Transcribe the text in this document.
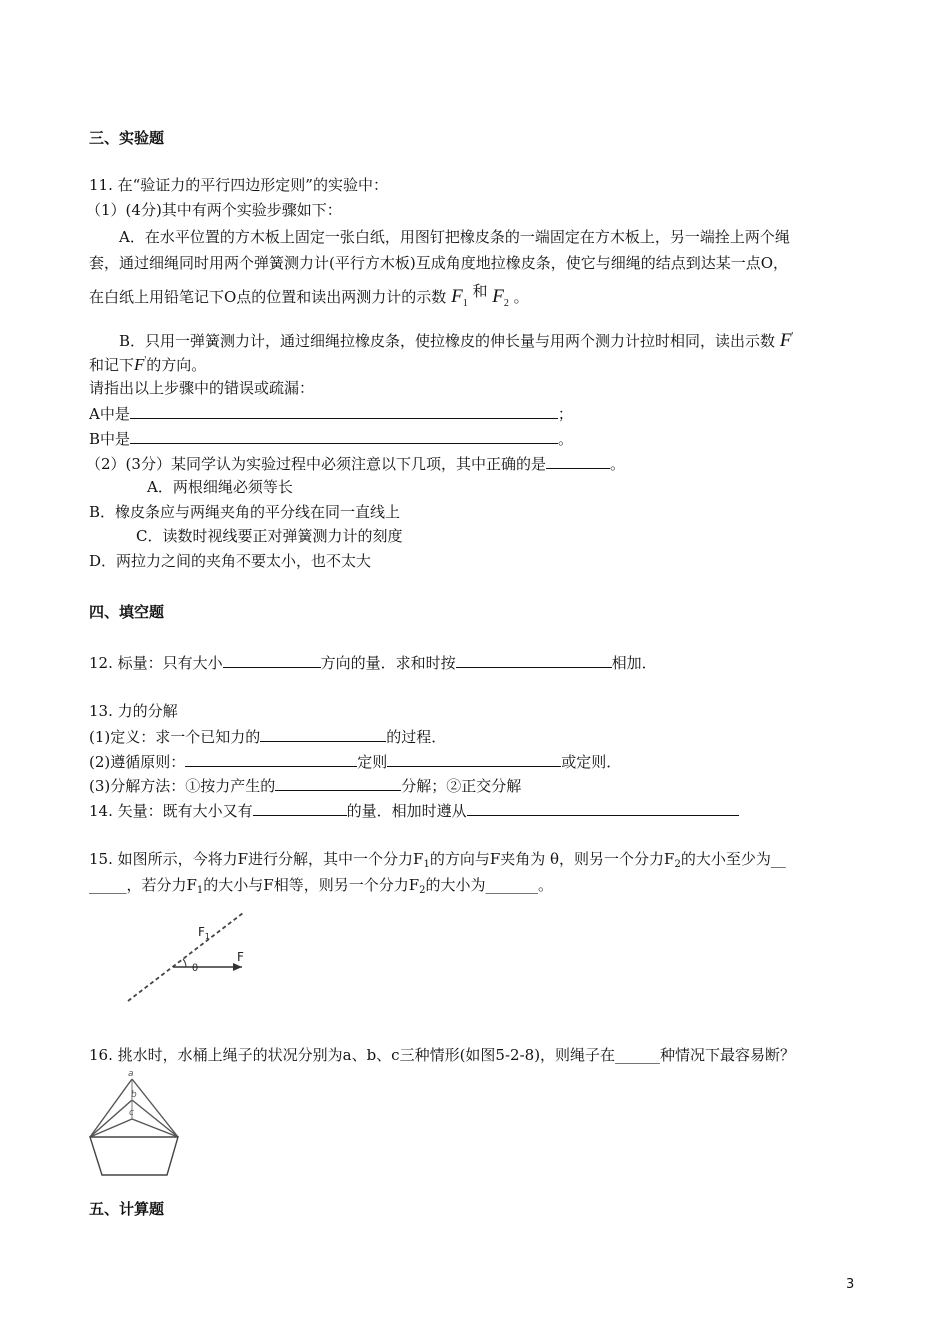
三、实验题
11. 在“验证力的平行四边形定则”的实验中：
（1）(4分)其中有两个实验步骤如下：
A．在水平位置的方木板上固定一张白纸，用图钉把橡皮条的一端固定在方木板上，另一端拴上两个绳
套，通过细绳同时用两个弹簧测力计(平行方木板)互成角度地拉橡皮条，使它与细绳的结点到达某一点O，
在白纸上用铅笔记下O点的位置和读出两测力计的示数 $F_1$ 和 $F_2$ 。
B．只用一弹簧测力计，通过细绳拉橡皮条，使拉橡皮的伸长量与用两个测力计拉时相同，读出示数 F'
和记下F'的方向。
请指出以上步骤中的错误或疏漏：
A中是	；
B中是	。
（2）(3分）某同学认为实验过程中必须注意以下几项，其中正确的是	。
A．两根细绳必须等长
B．橡皮条应与两绳夹角的平分线在同一直线上
C．读数时视线要正对弹簧测力计的刻度
D．两拉力之间的夹角不要太小，也不太大
四、填空题
12. 标量：只有大小	方向的量．求和时按	相加．
13. 力的分解
(1)定义：求一个已知力的	的过程．
(2)遵循原则：	定则	或定则．
(3)分解方法：①按力产生的	分解；②正交分解
14. 矢量：既有大小又有	的量．相加时遵从
15. 如图所示，今将力F进行分解，其中一个分力$F_1$的方向与F夹角为 θ，则另一个分力$F_2$的大小至少为__
_____，若分力$F_1$的大小与F相等，则另一个分力$F_2$的大小为_______。
$F_1$
θ
F
16. 挑水时，水桶上绳子的状况分别为a、b、c三种情形(如图5-2-8)，则绳子在______种情况下最容易断？
a
b
c
五、计算题
3
